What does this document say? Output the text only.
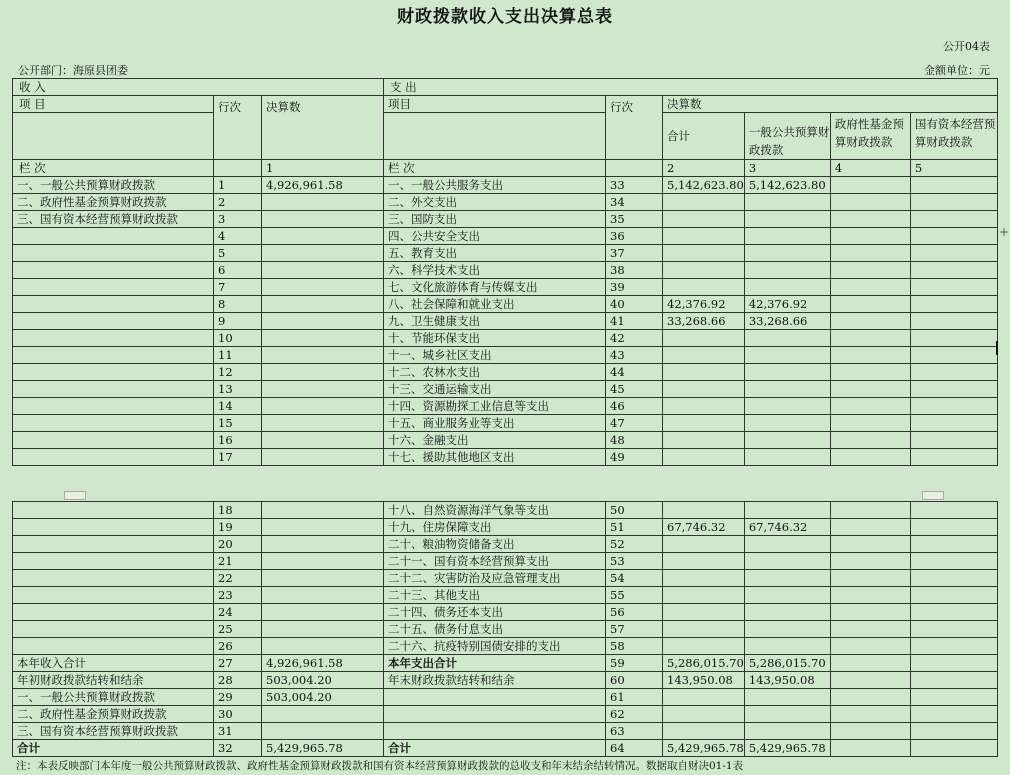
财政拨款收入支出决算总表
公开04表
公开部门：海原县团委	金额单位：元
收 入			支 出					
项 目	行次	决算数	项目	行次	决算数			
					合计	一般公共预算财政拨款	政府性基金预算财政拨款	国有资本经营预算财政拨款
栏 次		1	栏 次		2	3	4	5
一、一般公共预算财政拨款	1	4,926,961.58	一、一般公共服务支出	33	5,142,623.80	5,142,623.80		
二、政府性基金预算财政拨款	2		二、外交支出	34				
三、国有资本经营预算财政拨款	3		三、国防支出	35				
	4		四、公共安全支出	36				
	5		五、教育支出	37				
	6		六、科学技术支出	38				
	7		七、文化旅游体育与传媒支出	39				
	8		八、社会保障和就业支出	40	42,376.92	42,376.92		
	9		九、卫生健康支出	41	33,268.66	33,268.66		
	10		十、节能环保支出	42				
	11		十一、城乡社区支出	43				
	12		十二、农林水支出	44				
	13		十三、交通运输支出	45				
	14		十四、资源勘探工业信息等支出	46				
	15		十五、商业服务业等支出	47				
	16		十六、金融支出	48				
	17		十七、援助其他地区支出	49				
+
	18		十八、自然资源海洋气象等支出	50				
	19		十九、住房保障支出	51	67,746.32	67,746.32		
	20		二十、粮油物资储备支出	52				
	21		二十一、国有资本经营预算支出	53				
	22		二十二、灾害防治及应急管理支出	54				
	23		二十三、其他支出	55				
	24		二十四、债务还本支出	56				
	25		二十五、债务付息支出	57				
	26		二十六、抗疫特别国债安排的支出	58				
本年收入合计	27	4,926,961.58	本年支出合计	59	5,286,015.70	5,286,015.70		
年初财政拨款结转和结余	28	503,004.20	年末财政拨款结转和结余	60	143,950.08	143,950.08		
一、一般公共预算财政拨款	29	503,004.20		61				
二、政府性基金预算财政拨款	30			62				
三、国有资本经营预算财政拨款	31			63				
合计	32	5,429,965.78	合计	64	5,429,965.78	5,429,965.78		
注：本表反映部门本年度一般公共预算财政拨款、政府性基金预算财政拨款和国有资本经营预算财政拨款的总收支和年末结余结转情况。数据取自财决01-1表
